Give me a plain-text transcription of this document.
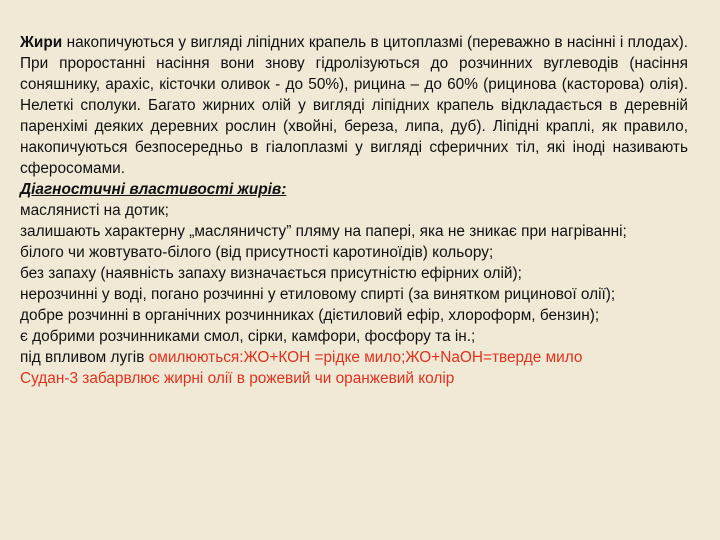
Жири накопичуються у вигляді ліпідних крапель в цитоплазмі (переважно в насінні і плодах). При проростанні насіння вони знову гідролізуються до розчинних вуглеводів (насіння соняшнику, арахіс, кісточки оливок - до 50%), рицина – до 60% (рицинова (касторова) олія). Нелеткі сполуки. Багато жирних олій у вигляді ліпідних крапель відкладається в деревній паренхімі деяких деревних рослин (хвойні, береза, липа, дуб). Ліпідні краплі, як правило, накопичуються безпосередньо в гіалоплазмі у вигляді сферичних тіл, які іноді називають сферосомами.

Діагностичні властивості жирів:

маслянисті на дотик;

залишають характерну „масляничсту” пляму на папері, яка не зникає при нагріванні;

білого чи жовтувато-білого (від присутності каротиноїдів) кольору;

без запаху (наявність запаху визначається присутністю ефірних олій);

нерозчинні у воді, погано розчинні у етиловому спирті (за винятком рицинової олії);

добре розчинні в органічних розчинниках (дієтиловий ефір, хлороформ, бензин);

є добрими розчинниками смол, сірки, камфори, фосфору та ін.;

під впливом лугів омилюються:ЖО+КОН =рідке мило;ЖО+NaOH=тверде мило

Судан-3 забарвлює жирні олії в рожевий чи оранжевий колір
